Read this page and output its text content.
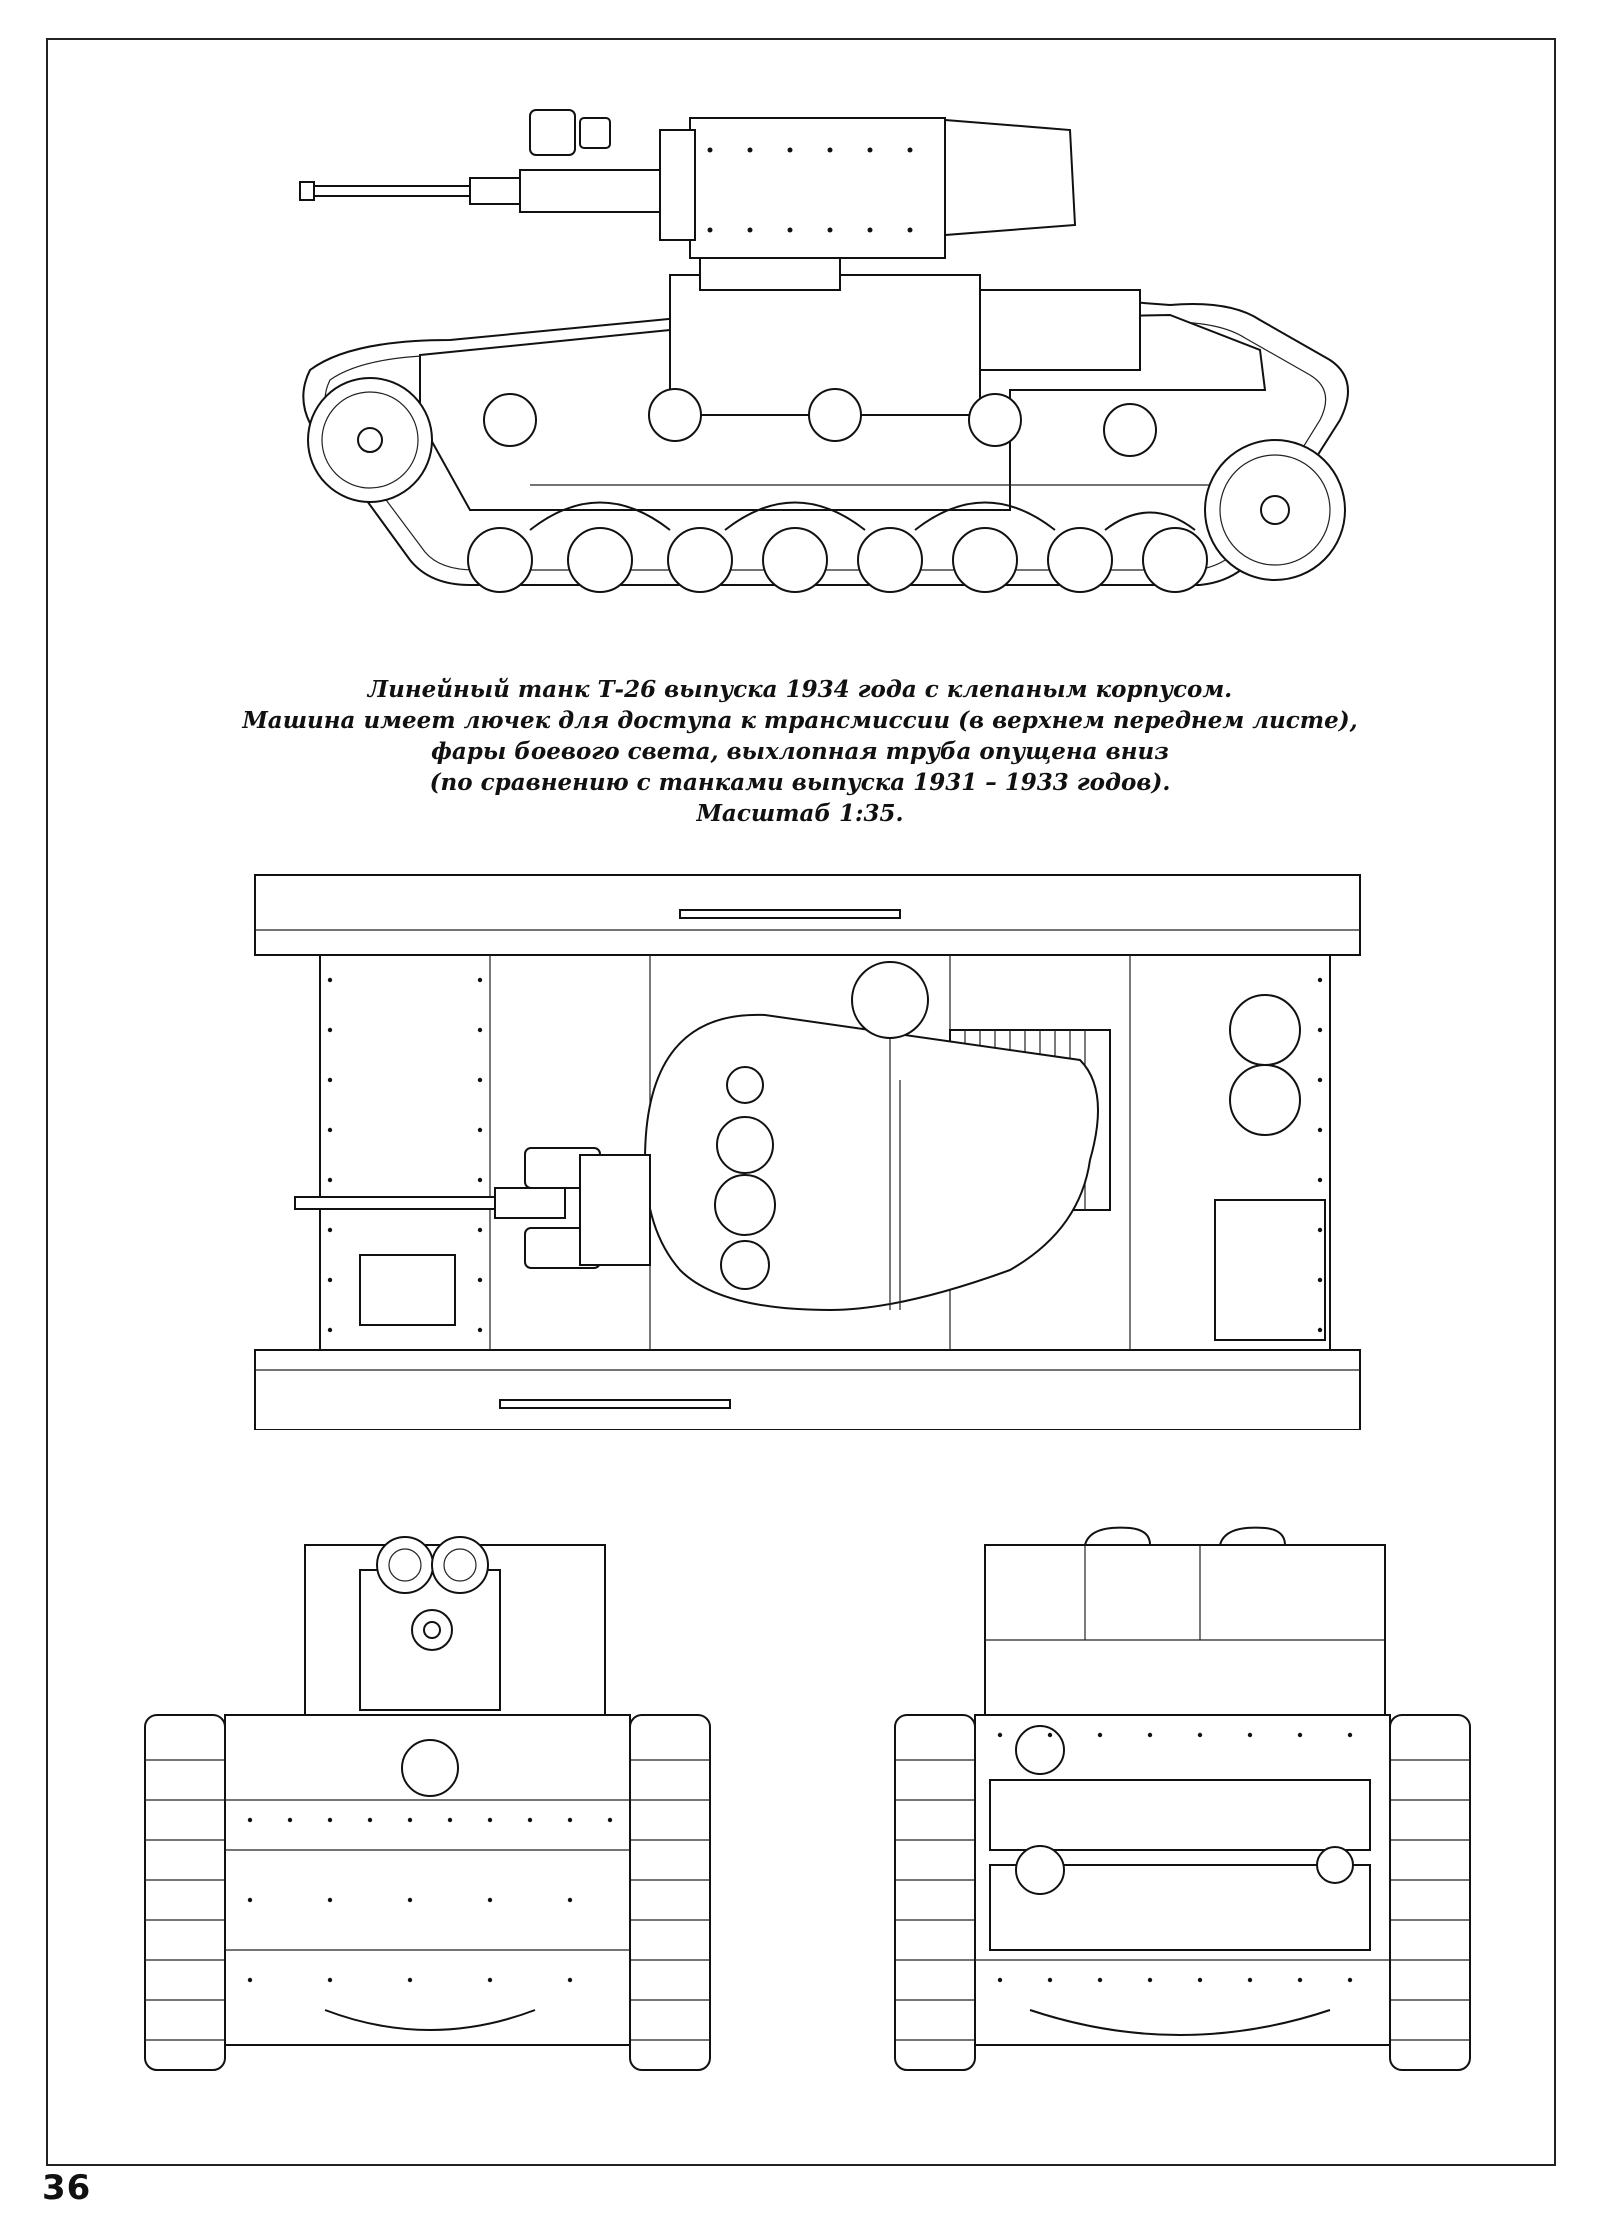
Линейный танк Т-26 выпуска 1934 года с клепаным корпусом.
Машина имеет лючек для доступа к трансмиссии (в верхнем переднем листе),
фары боевого света, выхлопная труба опущена вниз
(по сравнению с танками выпуска 1931 – 1933 годов).
Масштаб 1:35.
36
